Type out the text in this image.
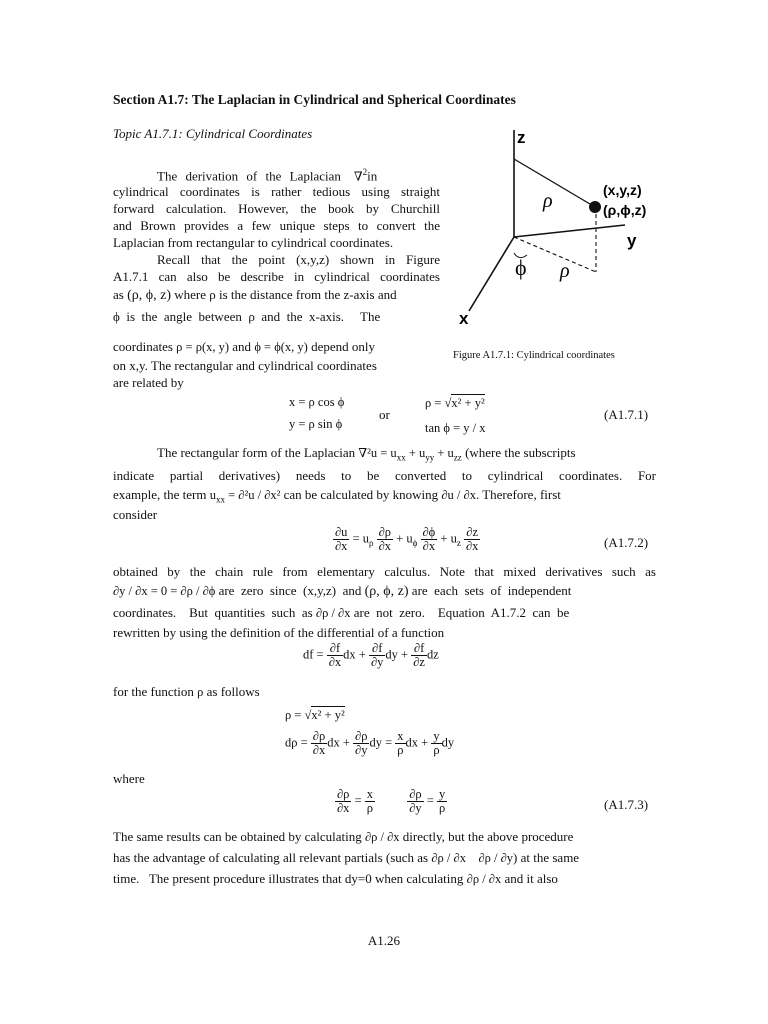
Section A1.7: The Laplacian in Cylindrical and Spherical Coordinates
Topic A1.7.1: Cylindrical Coordinates	z
y
x
(x,y,z)
(ρ,ϕ,z)
ρ
ρ
ϕ
Figure A1.7.1: Cylindrical coordinates
The derivation of the Laplacian ∇$^2$in
cylindrical coordinates is rather tedious using straight
forward calculation. However, the book by Churchill
and Brown provides a few unique steps to convert the
Laplacian from rectangular to cylindrical coordinates.
Recall that the point (x,y,z) shown in Figure
A1.7.1 can also be describe in cylindrical coordinates
as (ρ, ϕ, z) where ρ is the distance from the z-axis and
ϕ  is  the  angle  between  ρ  and  the  x-axis.     The
coordinates ρ = ρ(x, y) and ϕ = ϕ(x, y) depend only
on x,y. The rectangular and cylindrical coordinates
are related by
x = ρ cos ϕ
y = ρ sin ϕ
or
ρ = √x² + y²
tan ϕ = y / x
(A1.7.1)
The rectangular form of the Laplacian $\nabla^2u = u_{xx} + u_{yy} + u_{zz}$ (where the subscripts
indicate partial derivatives) needs to be converted to cylindrical coordinates. For
example, the term $u_{xx} = \partial^2u / \partial x^2$ can be calculated by knowing ∂u / ∂x. Therefore, first
consider
$\frac{\partial u}{\partial x} = u_\rho \frac{\partial\rho}{\partial x} + u_\phi \frac{\partial\phi}{\partial x} + u_z \frac{\partial z}{\partial x}$	(A1.7.2)
obtained by the chain rule from elementary calculus. Note that mixed derivatives such as
∂y / ∂x = 0 = ∂ρ / ∂ϕ are  zero  since  (x,y,z)  and (ρ, ϕ, z) are  each  sets  of  independent
coordinates.    But  quantities  such  as ∂ρ / ∂x are  not  zero.    Equation  A1.7.2  can  be
rewritten by using the definition of the differential of a function
df = $\frac{\partial f}{\partial x}$ dx + $\frac{\partial f}{\partial y}$ dy + $\frac{\partial f}{\partial z}$ dz
for the function ρ as follows
ρ = √x² + y²
$d\rho = \frac{\partial\rho}{\partial x}$ dx + $\frac{\partial\rho}{\partial y}$ dy = $\frac{x}{\rho}$ dx + $\frac{y}{\rho}$ dy
where
$\frac{\partial\rho}{\partial x} = \frac{x}{\rho}$
	$\frac{\partial\rho}{\partial y} = \frac{y}{\rho}$	(A1.7.3)
The same results can be obtained by calculating ∂ρ / ∂x directly, but the above procedure
has the advantage of calculating all relevant partials (such as ∂ρ / ∂x    ∂ρ / ∂y) at the same
time.   The present procedure illustrates that dy=0 when calculating ∂ρ / ∂x and it also
A1.26
